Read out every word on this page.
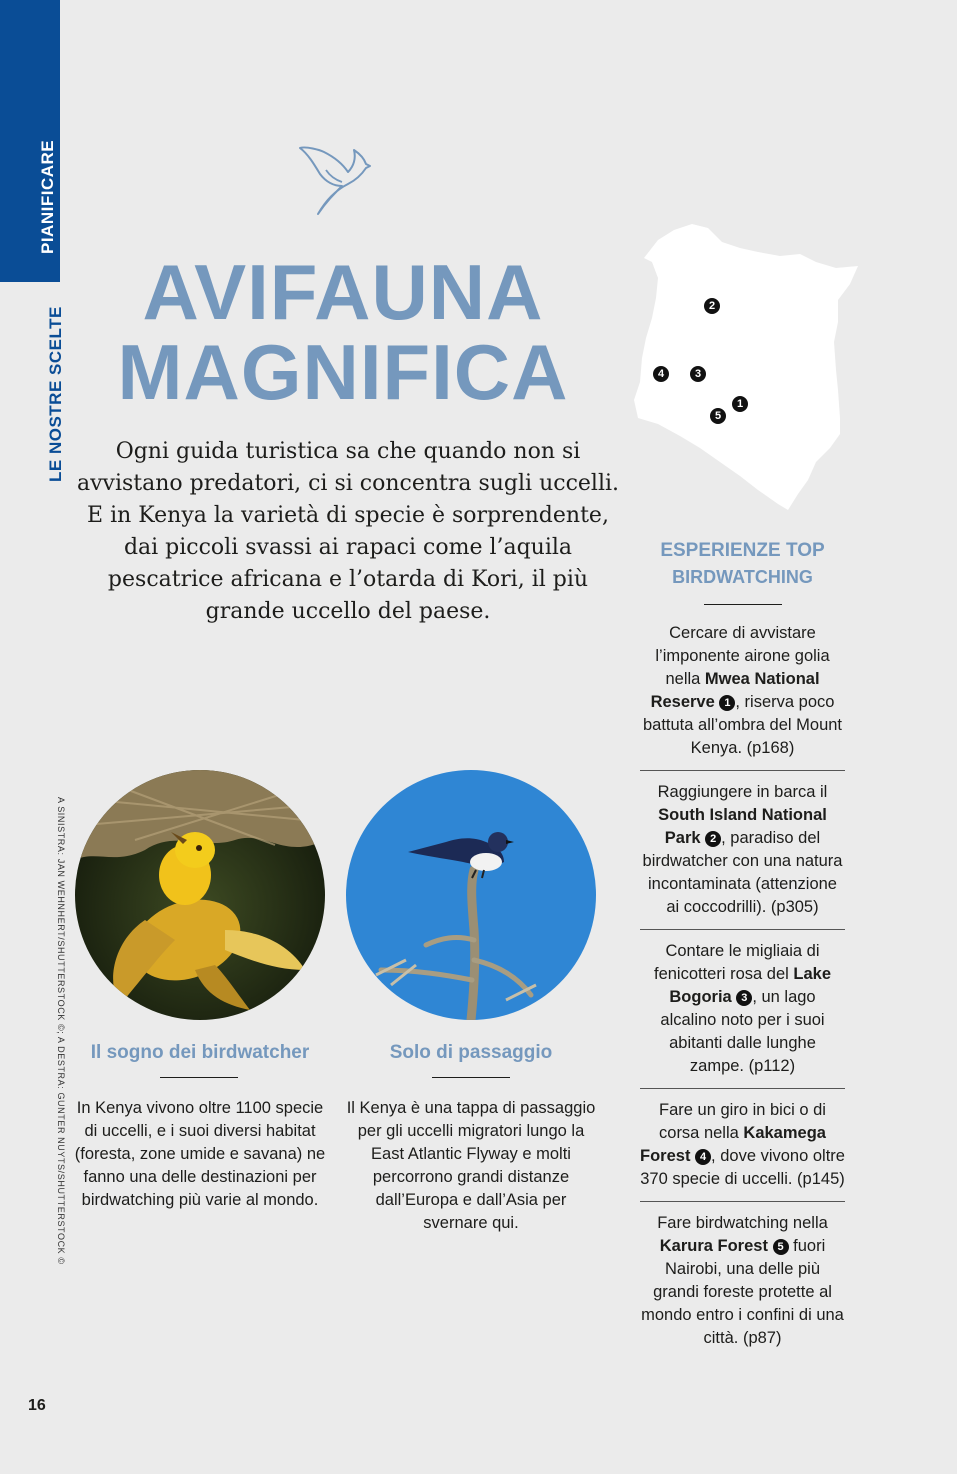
PIANIFICARE
LE NOSTRE SCELTE
AVIFAUNA
MAGNIFICA
Ogni guida turistica sa che quando non si avvistano predatori, ci si concentra sugli uccelli. E in Kenya la varietà di specie è sorprendente, dai piccoli svassi ai rapaci come l’aquila pescatrice africana e l’otarda di Kori, il più grande uccello del paese.
1
2
3
4
5
ESPERIENZE TOP
BIRDWATCHING
Cercare di avvistare l’imponente airone golia nella Mwea National Reserve 1 , riserva poco battuta all’ombra del Mount Kenya. (p168)
Raggiungere in barca il South Island National Park 2 , paradiso del birdwatcher con una natura incontaminata (attenzione ai coccodrilli). (p305)
Contare le migliaia di fenicotteri rosa del Lake Bogoria 3 , un lago alcalino noto per i suoi abitanti dalle lunghe zampe. (p112)
Fare un giro in bici o di corsa nella Kakamega Forest 4 , dove vivono oltre 370 specie di uccelli. (p145)
Fare birdwatching nella Karura Forest 5 fuori Nairobi, una delle più grandi foreste protette al mondo entro i confini di una città. (p87)
A SINISTRA: JAN WEHNHERT/SHUTTERSTOCK ©; A DESTRA: GUNTER NUYTS/SHUTTERSTOCK ©	Il sogno dei birdwatcher
In Kenya vivono oltre 1100 specie di uccelli, e i suoi diversi habitat (foresta, zone umide e savana) ne fanno una delle destinazioni per birdwatching più varie al mondo.
Solo di passaggio
Il Kenya è una tappa di passaggio per gli uccelli migratori lungo la East Atlantic Flyway e molti percorrono grandi distanze dall’Europa e dall’Asia per svernare qui.
16
